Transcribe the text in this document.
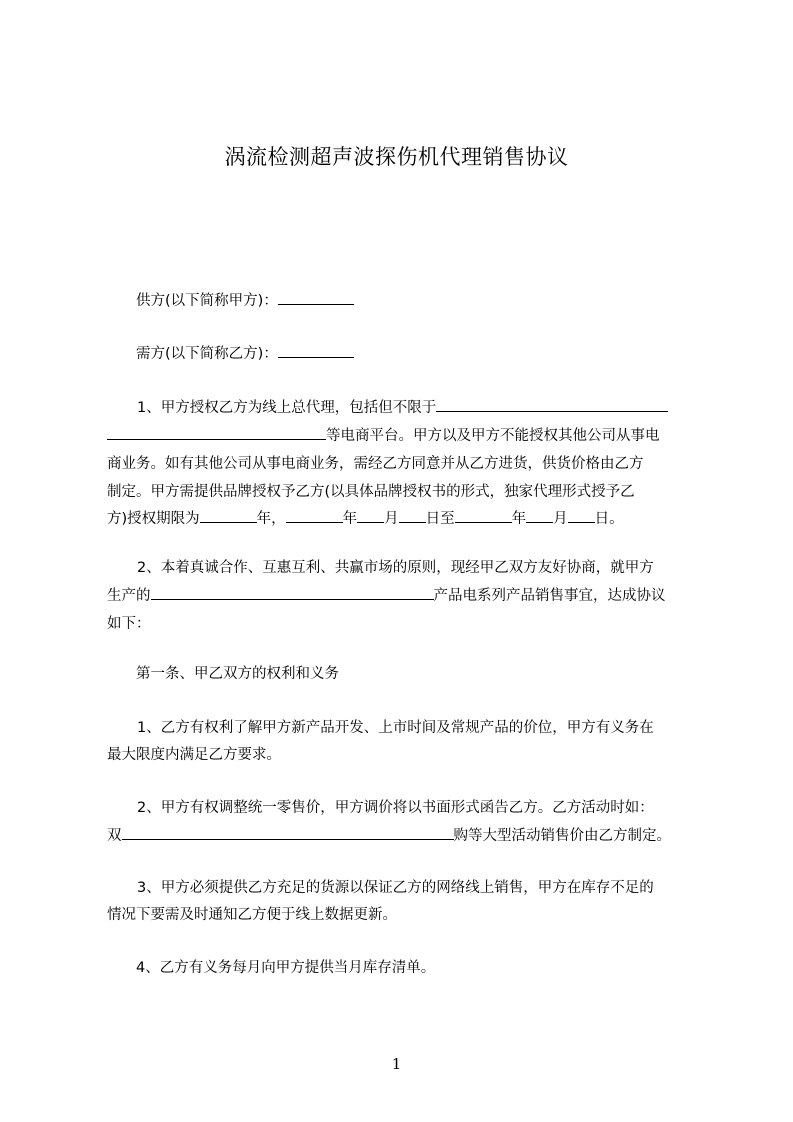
涡流检测超声波探伤机代理销售协议
供方(以下简称甲方)：
需方(以下简称乙方)：
1、甲方授权乙方为线上总代理，包括但不限于
等电商平台。甲方以及甲方不能授权其他公司从事电
商业务。如有其他公司从事电商业务，需经乙方同意并从乙方进货，供货价格由乙方
制定。甲方需提供品牌授权予乙方(以具体品牌授权书的形式，独家代理形式授予乙
方)授权期限为	年，	年 月 日至	年 月 日。
2、本着真诚合作、互惠互利、共赢市场的原则，现经甲乙双方友好协商，就甲方
生产的	产品电系列产品销售事宜，达成协议
如下：
第一条、甲乙双方的权利和义务
1、乙方有权利了解甲方新产品开发、上市时间及常规产品的价位，甲方有义务在
最大限度内满足乙方要求。
2、甲方有权调整统一零售价，甲方调价将以书面形式函告乙方。乙方活动时如：
双	购等大型活动销售价由乙方制定。
3、甲方必须提供乙方充足的货源以保证乙方的网络线上销售，甲方在库存不足的
情况下要需及时通知乙方便于线上数据更新。
4、乙方有义务每月向甲方提供当月库存清单。
1
